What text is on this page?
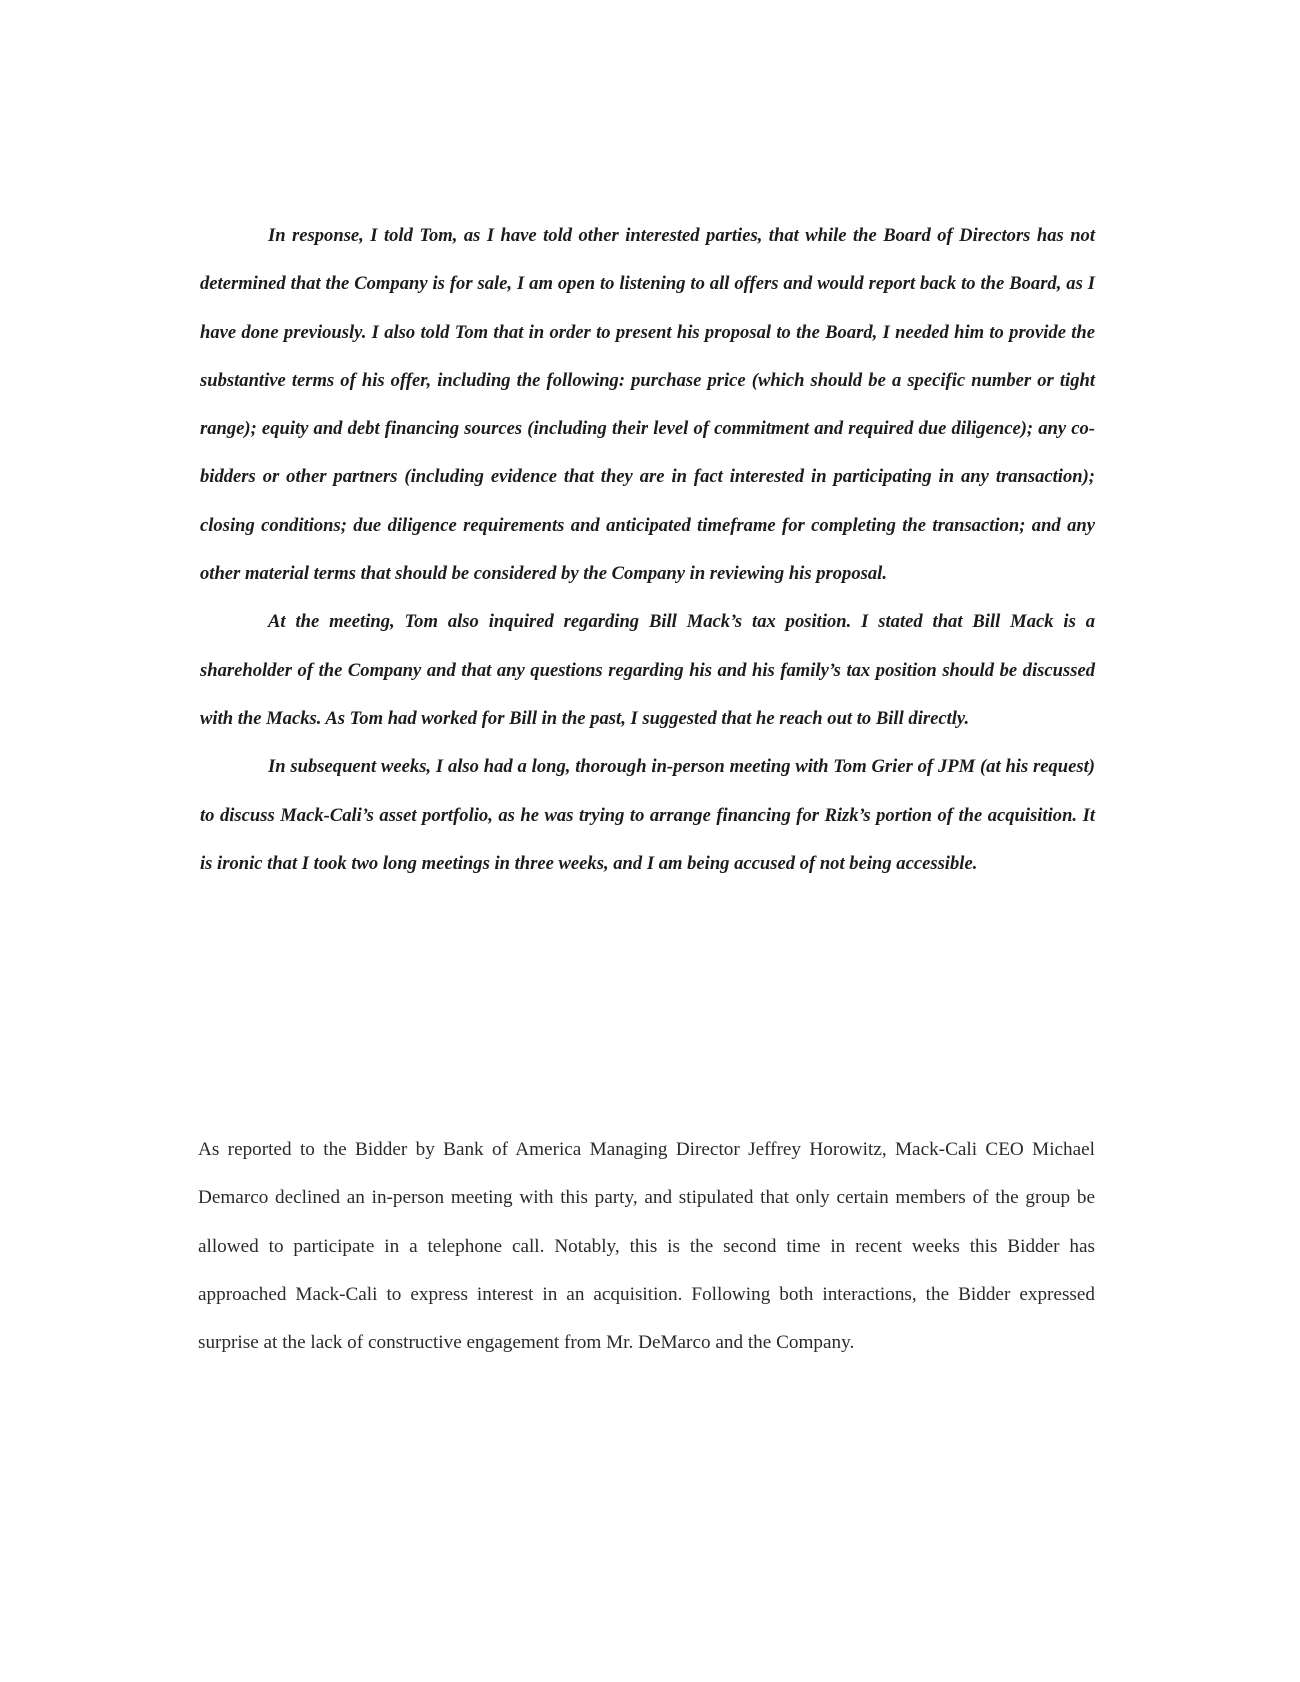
In response, I told Tom, as I have told other interested parties, that while the Board of Directors has not determined that the Company is for sale, I am open to listening to all offers and would report back to the Board, as I have done previously. I also told Tom that in order to present his proposal to the Board, I needed him to provide the substantive terms of his offer, including the following: purchase price (which should be a specific number or tight range); equity and debt financing sources (including their level of commitment and required due diligence); any co-bidders or other partners (including evidence that they are in fact interested in participating in any transaction); closing conditions; due diligence requirements and anticipated timeframe for completing the transaction; and any other material terms that should be considered by the Company in reviewing his proposal.

At the meeting, Tom also inquired regarding Bill Mack’s tax position. I stated that Bill Mack is a shareholder of the Company and that any questions regarding his and his family’s tax position should be discussed with the Macks. As Tom had worked for Bill in the past, I suggested that he reach out to Bill directly.

In subsequent weeks, I also had a long, thorough in-person meeting with Tom Grier of JPM (at his request) to discuss Mack-Cali’s asset portfolio, as he was trying to arrange financing for Rizk’s portion of the acquisition. It is ironic that I took two long meetings in three weeks, and I am being accused of not being accessible.

As reported to the Bidder by Bank of America Managing Director Jeffrey Horowitz, Mack-Cali CEO Michael Demarco declined an in-person meeting with this party, and stipulated that only certain members of the group be allowed to participate in a telephone call. Notably, this is the second time in recent weeks this Bidder has approached Mack-Cali to express interest in an acquisition. Following both interactions, the Bidder expressed surprise at the lack of constructive engagement from Mr. DeMarco and the Company.
